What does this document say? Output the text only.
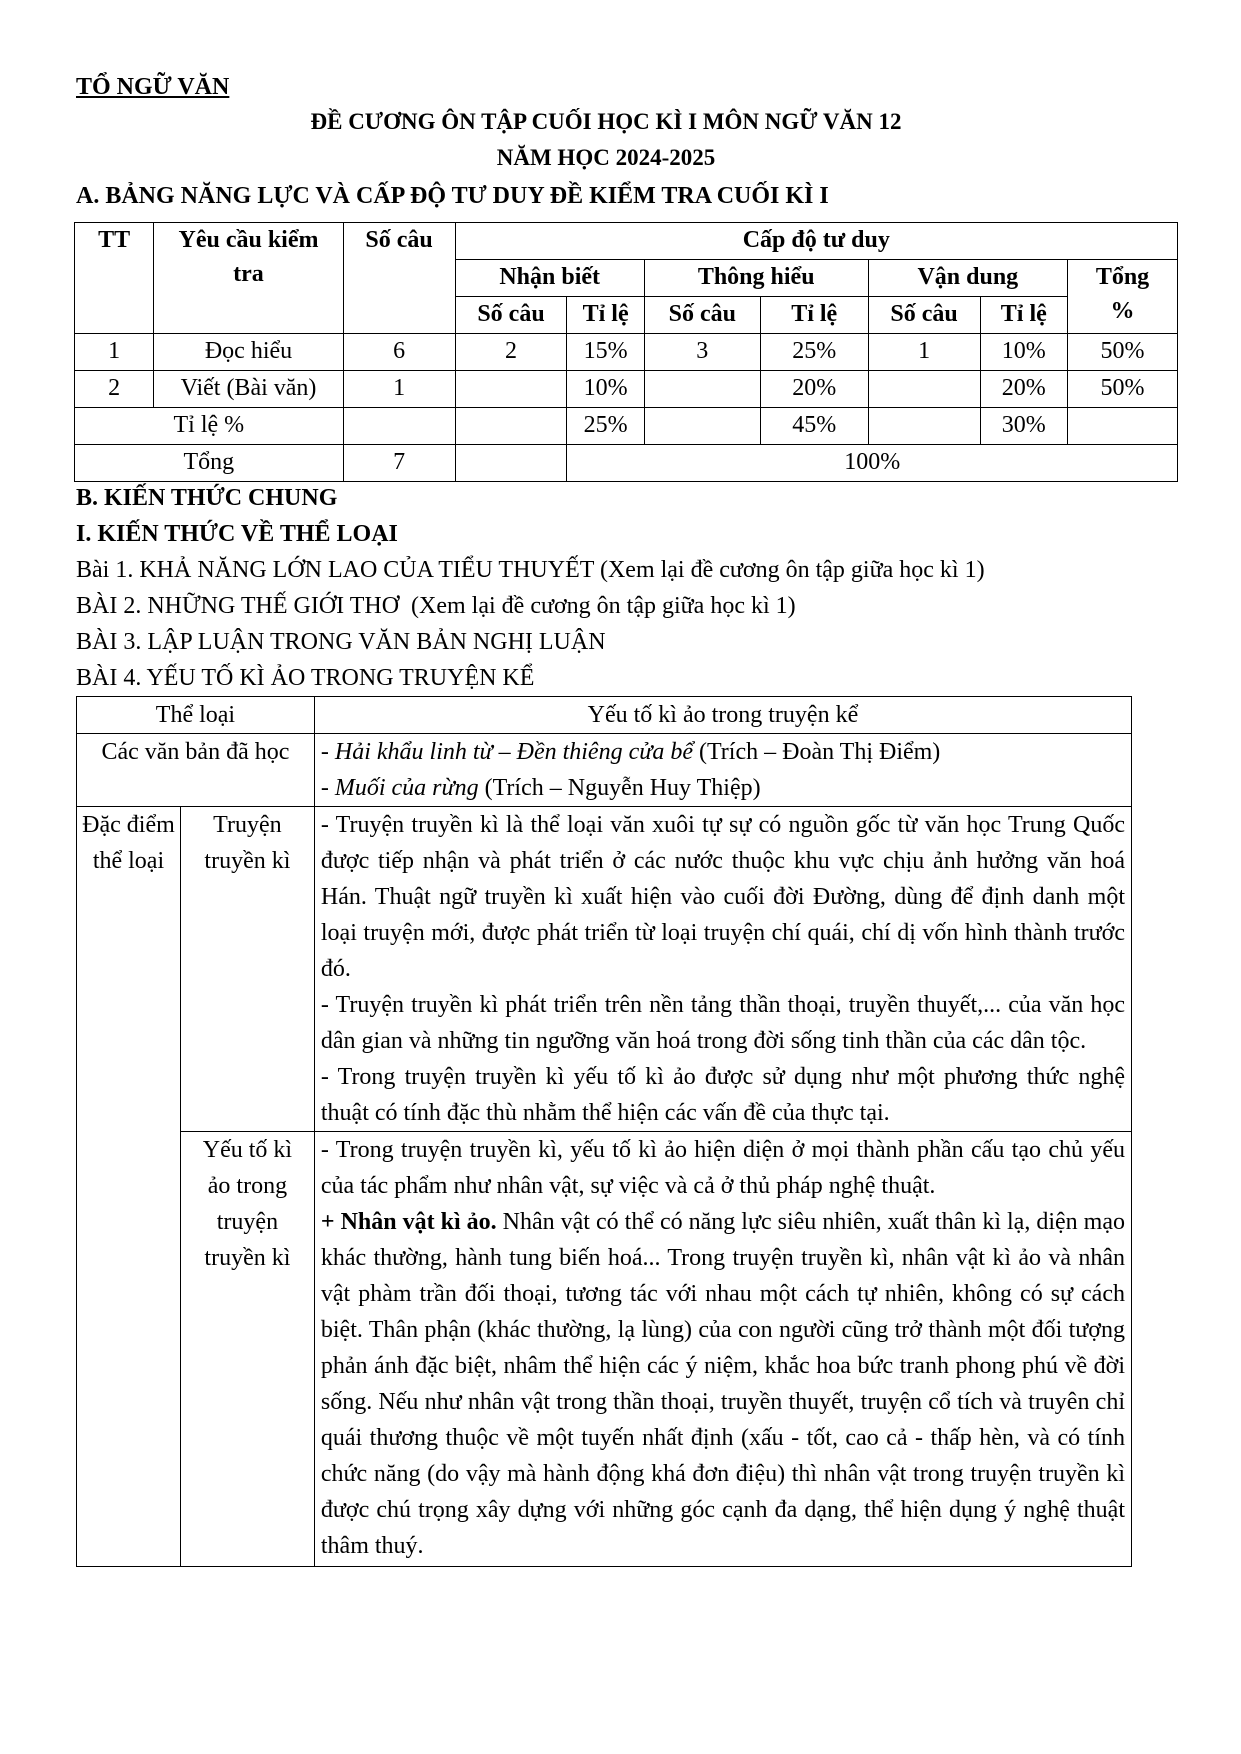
TỔ NGỮ VĂN
ĐỀ CƯƠNG ÔN TẬP CUỐI HỌC KÌ I MÔN NGỮ VĂN 12
NĂM HỌC 2024-2025
A. BẢNG NĂNG LỰC VÀ CẤP ĐỘ TƯ DUY ĐỀ KIỂM TRA CUỐI KÌ I
TT	Yêu cầu kiểm tra	Số câu	Cấp độ tư duy						
			Nhận biết		Thông hiểu		Vận dung		Tổng %
			Số câu	Tỉ lệ	Số câu	Tỉ lệ	Số câu	Tỉ lệ	
1	Đọc hiểu	6	2	15%	3	25%	1	10%	50%
2	Viết (Bài văn)	1		10%		20%		20%	50%
Tỉ lệ %				25%		45%		30%	
Tổng		7		100%					
B. KIẾN THỨC CHUNG
I. KIẾN THỨC VỀ THỂ LOẠI
Bài 1. KHẢ NĂNG LỚN LAO CỦA TIỂU THUYẾT (Xem lại đề cương ôn tập giữa học kì 1)
BÀI 2. NHỮNG THẾ GIỚI THƠ  (Xem lại đề cương ôn tập giữa học kì 1)
BÀI 3. LẬP LUẬN TRONG VĂN BẢN NGHỊ LUẬN
BÀI 4. YẾU TỐ KÌ ẢO TRONG TRUYỆN KỂ
Thể loại		Yếu tố kì ảo trong truyện kể
Các văn bản đã học		- Hải khẩu linh từ – Đền thiêng cửa bể (Trích – Đoàn Thị Điểm)
- Muối của rừng (Trích – Nguyễn Huy Thiệp)

Đặc điểm thể loại	Truyện truyền kì	- Truyện truyền kì là thể loại văn xuôi tự sự có nguồn gốc từ văn học Trung Quốc được tiếp nhận và phát triển ở các nước thuộc khu vực chịu ảnh hưởng văn hoá Hán. Thuật ngữ truyền kì xuất hiện vào cuối đời Đường, dùng để định danh một loại truyện mới, được phát triển từ loại truyện chí quái, chí dị vốn hình thành trước đó.
- Truyện truyền kì phát triển trên nền tảng thần thoại, truyền thuyết,... của văn học dân gian và những tin ngưỡng văn hoá trong đời sống tinh thần của các dân tộc.
- Trong truyện truyền kì yếu tố kì ảo được sử dụng như một phương thức nghệ thuật có tính đặc thù nhằm thể hiện các vấn đề của thực tại.

	Yếu tố kì ảo trong truyện truyền kì	- Trong truyện truyền kì, yếu tố kì ảo hiện diện ở mọi thành phần cấu tạo chủ yếu của tác phẩm như nhân vật, sự việc và cả ở thủ pháp nghệ thuật.
+ Nhân vật kì ảo. Nhân vật có thể có năng lực siêu nhiên, xuất thân kì lạ, diện mạo khác thường, hành tung biến hoá... Trong truyện truyền kì, nhân vật kì ảo và nhân vật phàm trần đối thoại, tương tác với nhau một cách tự nhiên, không có sự cách biệt. Thân phận (khác thường, lạ lùng) của con người cũng trở thành một đối tượng phản ánh đặc biệt, nhâm thể hiện các ý niệm, khắc hoa bức tranh phong phú về đời sống. Nếu như nhân vật trong thần thoại, truyền thuyết, truyện cổ tích và truyên chỉ quái thương thuộc về một tuyến nhất định (xấu - tốt, cao cả - thấp hèn, và có tính chức năng (do vậy mà hành động khá đơn điệu) thì nhân vật trong truyện truyền kì được chú trọng xây dựng với những góc cạnh đa dạng, thể hiện dụng ý nghệ thuật thâm thuý.
